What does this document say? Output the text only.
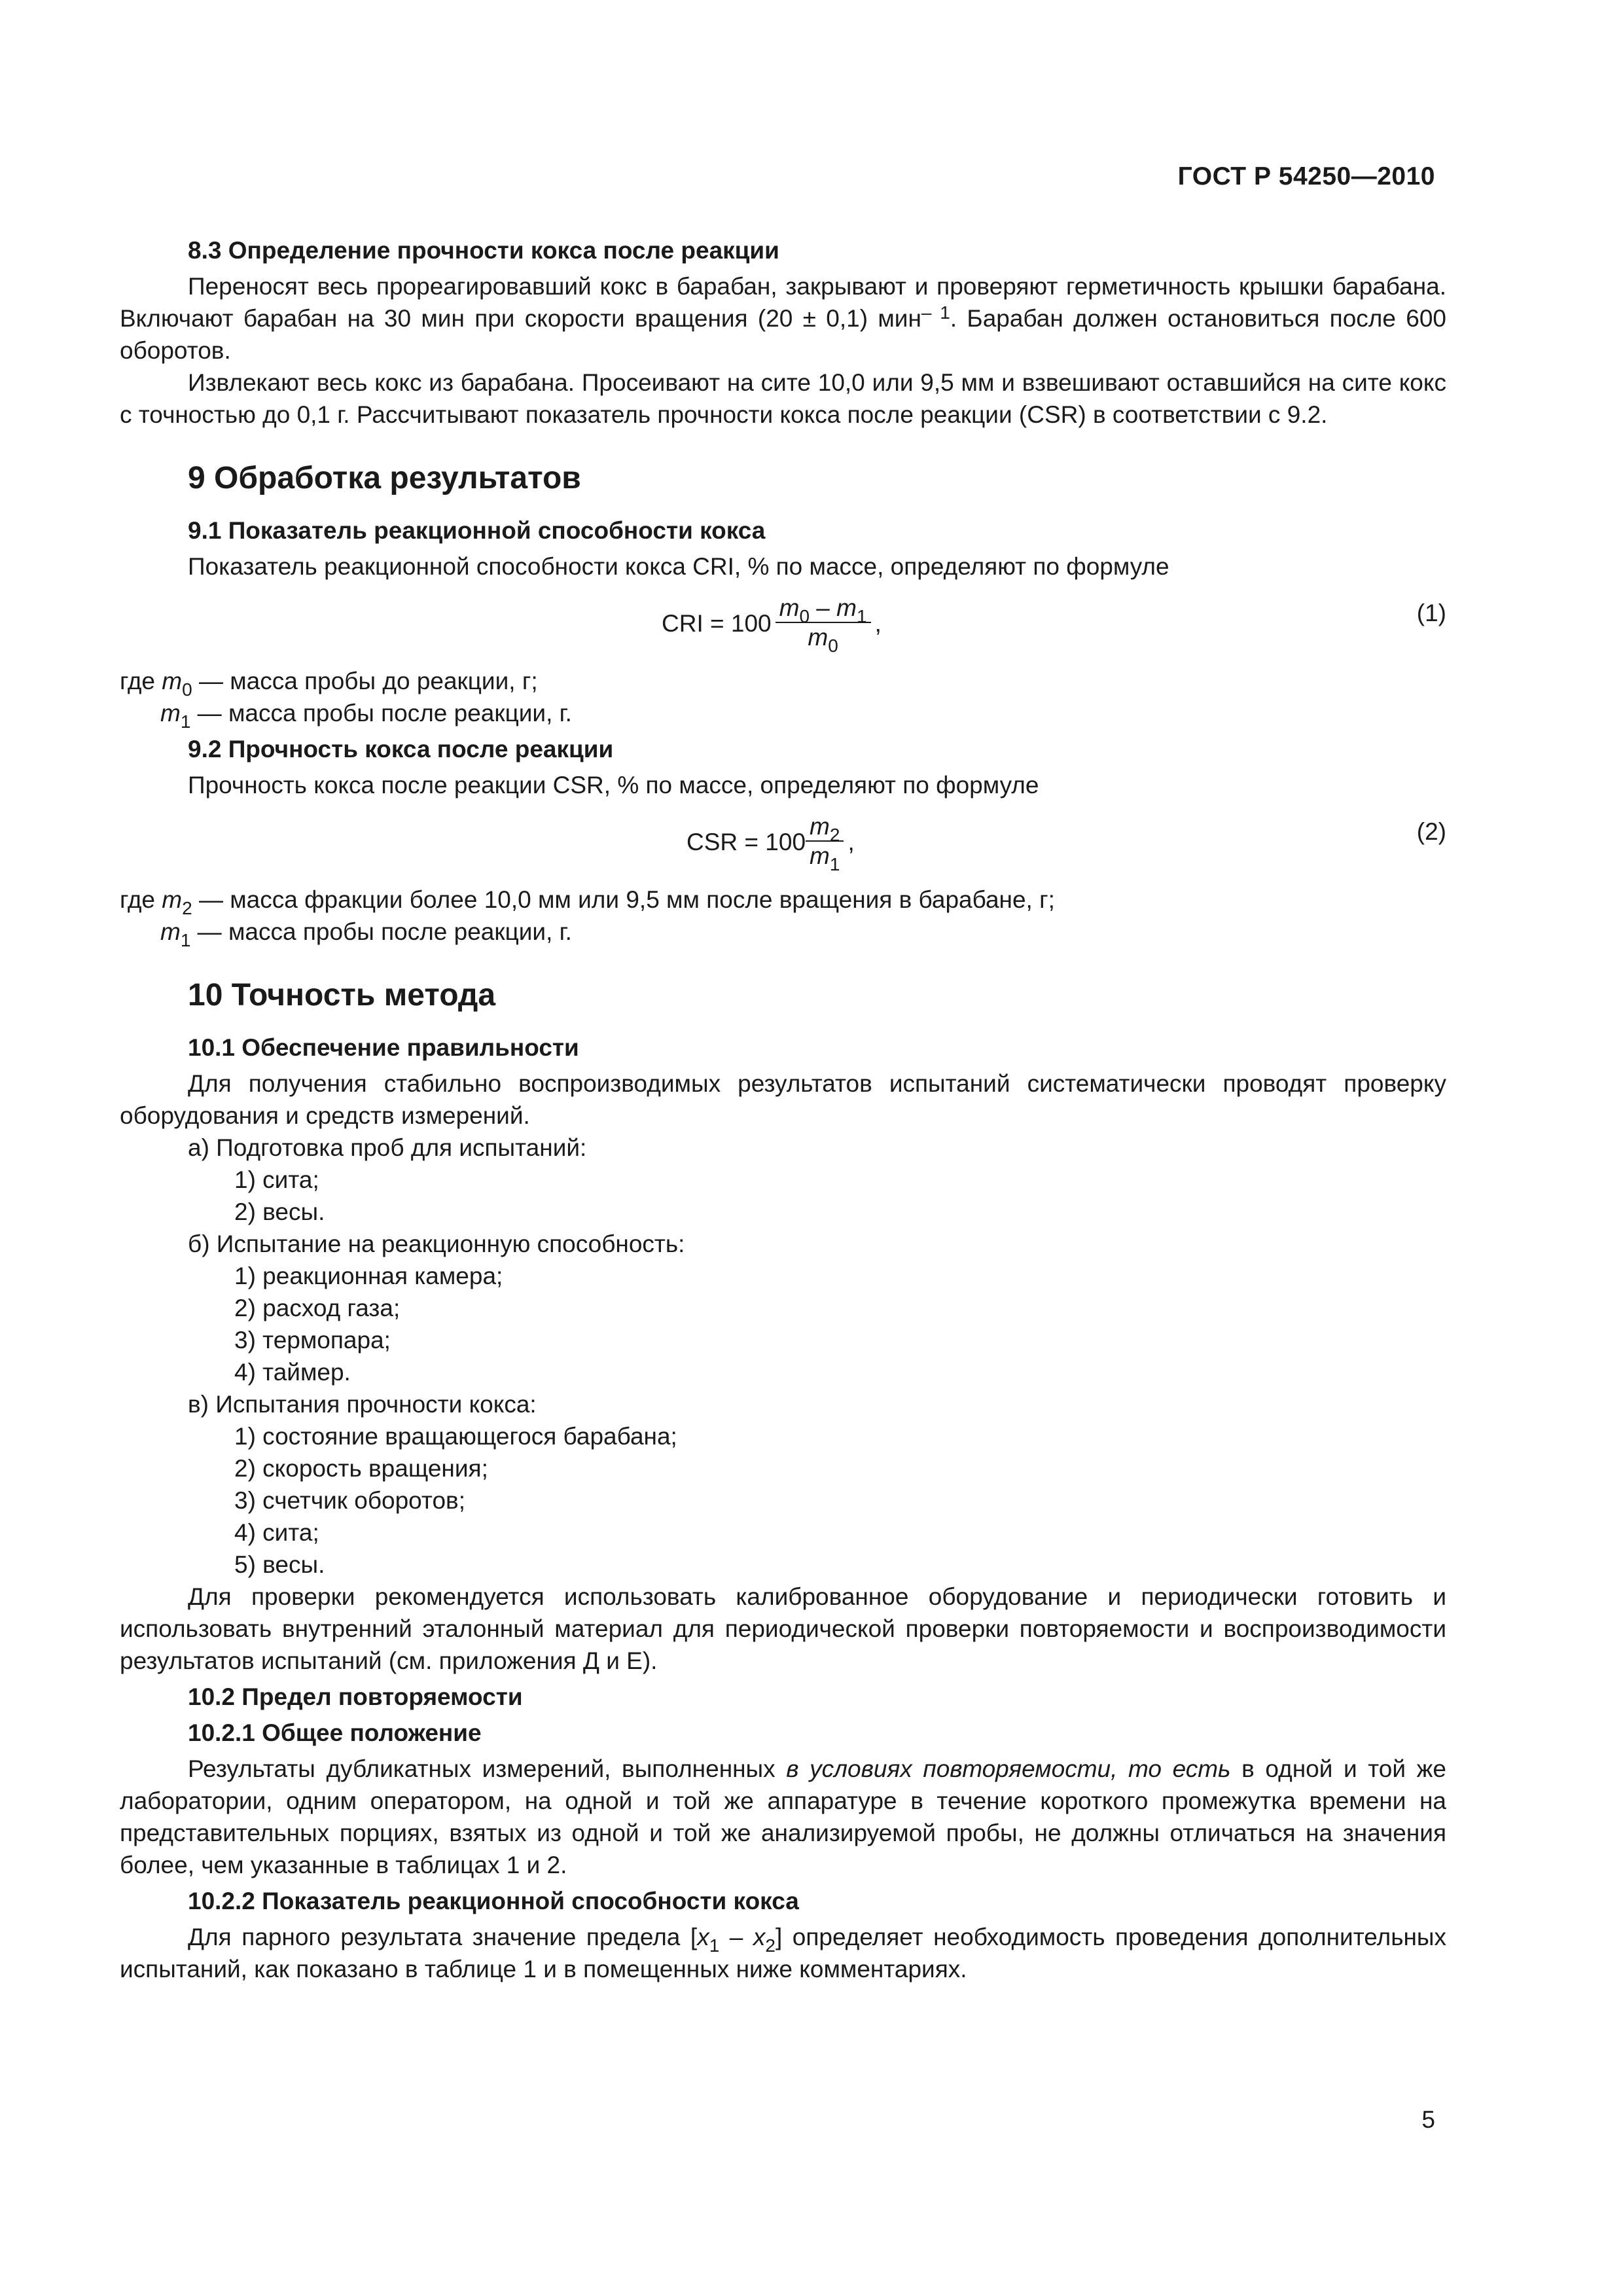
ГОСТ Р 54250—2010
8.3 Определение прочности кокса после реакции

Переносят весь прореагировавший кокс в барабан, закрывают и проверяют герметичность крышки барабана. Включают барабан на 30 мин при скорости вращения (20 ± 0,1) мин$^{- 1}$. Барабан должен остановиться после 600 оборотов.

Извлекают весь кокс из барабана. Просеивают на сите 10,0 или 9,5 мм и взвешивают оставшийся на сите кокс с точностью до 0,1 г. Рассчитывают показатель прочности кокса после реакции (CSR) в соответствии с 9.2.

9 Обработка результатов
9.1 Показатель реакционной способности кокса

Показатель реакционной способности кокса CRI, % по массе, определяют по формуле

CRI = $100 \frac{m_0 - m_1}{m_0}$ ,	(1)

где $m_0$ — масса пробы до реакции, г;

$m_1$ — масса пробы после реакции, г.

9.2 Прочность кокса после реакции

Прочность кокса после реакции CSR, % по массе, определяют по формуле

CSR = $100 \frac{m_2}{m_1}$ ,	(2)

где $m_2$ — масса фракции более 10,0 мм или 9,5 мм после вращения в барабане, г;

$m_1$ — масса пробы после реакции, г.

10 Точность метода
10.1 Обеспечение правильности

Для получения стабильно воспроизводимых результатов испытаний систематически проводят проверку оборудования и средств измерений.

а) Подготовка проб для испытаний:
1) сита;
2) весы.
б) Испытание на реакционную способность:
1) реакционная камера;
2) расход газа;
3) термопара;
4) таймер.
в) Испытания прочности кокса:
1) состояние вращающегося барабана;
2) скорость вращения;
3) счетчик оборотов;
4) сита;
5) весы.

Для проверки рекомендуется использовать калиброванное оборудование и периодически готовить и использовать внутренний эталонный материал для периодической проверки повторяемости и воспроизводимости результатов испытаний (см. приложения Д и Е).

10.2 Предел повторяемости
10.2.1 Общее положение

Результаты дубликатных измерений, выполненных в условиях повторяемости, то есть в одной и той же лаборатории, одним оператором, на одной и той же аппаратуре в течение короткого промежутка времени на представительных порциях, взятых из одной и той же анализируемой пробы, не должны отличаться на значения более, чем указанные в таблицах 1 и 2.

10.2.2 Показатель реакционной способности кокса

Для парного результата значение предела $[x_1 - x_2]$ определяет необходимость проведения дополнительных испытаний, как показано в таблице 1 и в помещенных ниже комментариях.

5
